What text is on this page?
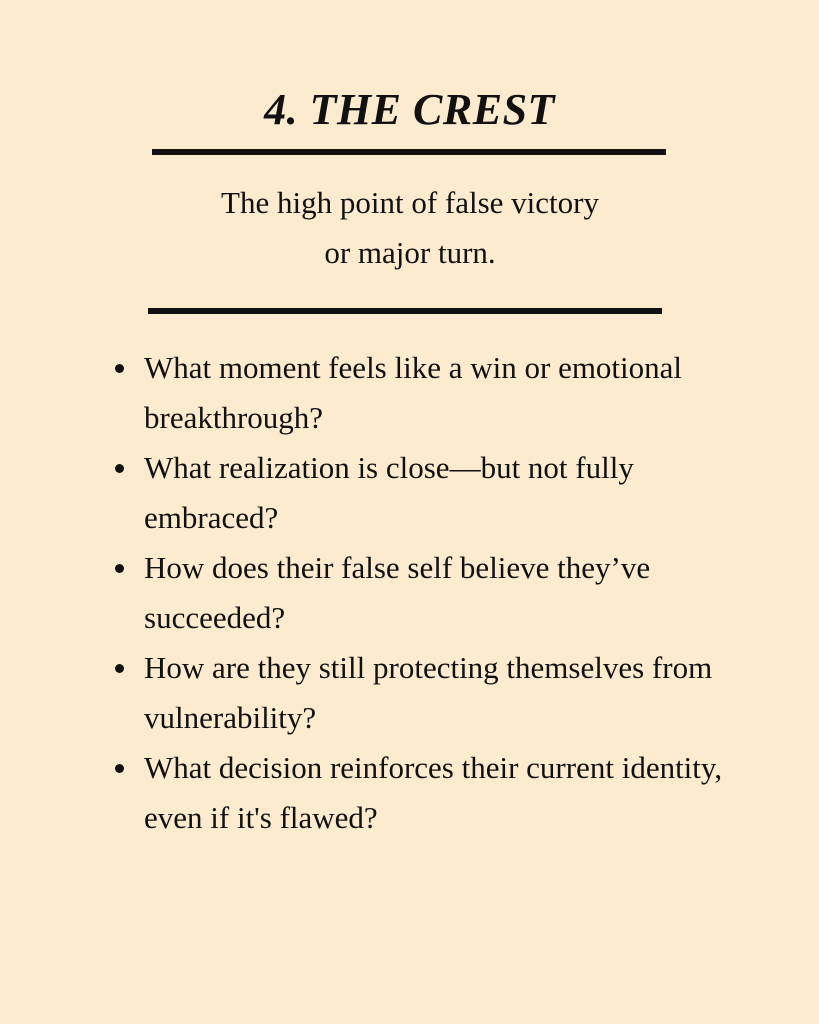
4. THE CREST

The high point of false victory
or major turn.

What moment feels like a win or emotional breakthrough?
What realization is close—but not fully embraced?
How does their false self believe they’ve succeeded?
How are they still protecting themselves from vulnerability?
What decision reinforces their current identity, even if it's flawed?
